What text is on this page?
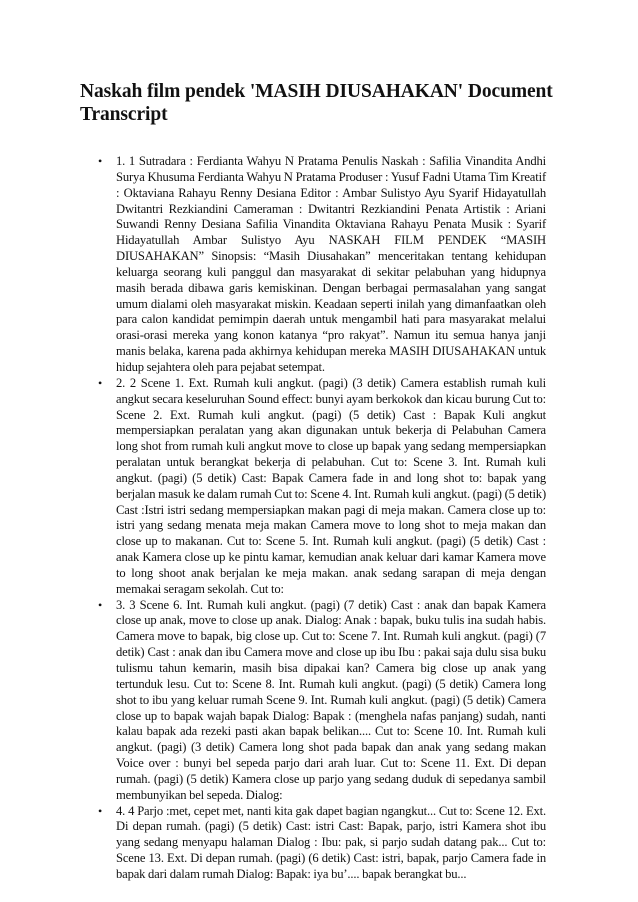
Naskah film pendek 'MASIH DIUSAHAKAN' Document Transcript
• 1. 1 Sutradara : Ferdianta Wahyu N Pratama Penulis Naskah : Safilia Vinandita Andhi Surya Khusuma Ferdianta Wahyu N Pratama Produser : Yusuf Fadni Utama Tim Kreatif : Oktaviana Rahayu Renny Desiana Editor : Ambar Sulistyo Ayu Syarif Hidayatullah Dwitantri Rezkiandini Cameraman : Dwitantri Rezkiandini Penata Artistik : Ariani Suwandi Renny Desiana Safilia Vinandita Oktaviana Rahayu Penata Musik : Syarif Hidayatullah Ambar Sulistyo Ayu NASKAH FILM PENDEK “MASIH DIUSAHAKAN” Sinopsis: “Masih Diusahakan” menceritakan tentang kehidupan keluarga seorang kuli panggul dan masyarakat di sekitar pelabuhan yang hidupnya masih berada dibawa garis kemiskinan. Dengan berbagai permasalahan yang sangat umum dialami oleh masyarakat miskin. Keadaan seperti inilah yang dimanfaatkan oleh para calon kandidat pemimpin daerah untuk mengambil hati para masyarakat melalui orasi-orasi mereka yang konon katanya “pro rakyat”. Namun itu semua hanya janji manis belaka, karena pada akhirnya kehidupan mereka MASIH DIUSAHAKAN untuk hidup sejahtera oleh para pejabat setempat.
• 2. 2 Scene 1. Ext. Rumah kuli angkut. (pagi) (3 detik) Camera establish rumah kuli angkut secara keseluruhan Sound effect: bunyi ayam berkokok dan kicau burung Cut to: Scene 2. Ext. Rumah kuli angkut. (pagi) (5 detik) Cast : Bapak Kuli angkut mempersiapkan peralatan yang akan digunakan untuk bekerja di Pelabuhan Camera long shot from rumah kuli angkut move to close up bapak yang sedang mempersiapkan peralatan untuk berangkat bekerja di pelabuhan. Cut to: Scene 3. Int. Rumah kuli angkut. (pagi) (5 detik) Cast: Bapak Camera fade in and long shot to: bapak yang berjalan masuk ke dalam rumah Cut to: Scene 4. Int. Rumah kuli angkut. (pagi) (5 detik) Cast :Istri istri sedang mempersiapkan makan pagi di meja makan. Camera close up to: istri yang sedang menata meja makan Camera move to long shot to meja makan dan close up to makanan. Cut to: Scene 5. Int. Rumah kuli angkut. (pagi) (5 detik) Cast : anak Kamera close up ke pintu kamar, kemudian anak keluar dari kamar Kamera move to long shoot anak berjalan ke meja makan. anak sedang sarapan di meja dengan memakai seragam sekolah. Cut to:
• 3. 3 Scene 6. Int. Rumah kuli angkut. (pagi) (7 detik) Cast : anak dan bapak Kamera close up anak, move to close up anak. Dialog: Anak : bapak, buku tulis ina sudah habis. Camera move to bapak, big close up. Cut to: Scene 7. Int. Rumah kuli angkut. (pagi) (7 detik) Cast : anak dan ibu Camera move and close up ibu Ibu : pakai saja dulu sisa buku tulismu tahun kemarin, masih bisa dipakai kan? Camera big close up anak yang tertunduk lesu. Cut to: Scene 8. Int. Rumah kuli angkut. (pagi) (5 detik) Camera long shot to ibu yang keluar rumah Scene 9. Int. Rumah kuli angkut. (pagi) (5 detik) Camera close up to bapak wajah bapak Dialog: Bapak : (menghela nafas panjang) sudah, nanti kalau bapak ada rezeki pasti akan bapak belikan.... Cut to: Scene 10. Int. Rumah kuli angkut. (pagi) (3 detik) Camera long shot pada bapak dan anak yang sedang makan Voice over : bunyi bel sepeda parjo dari arah luar. Cut to: Scene 11. Ext. Di depan rumah. (pagi) (5 detik) Kamera close up parjo yang sedang duduk di sepedanya sambil membunyikan bel sepeda. Dialog:
• 4. 4 Parjo :met, cepet met, nanti kita gak dapet bagian ngangkut... Cut to: Scene 12. Ext. Di depan rumah. (pagi) (5 detik) Cast: istri Cast: Bapak, parjo, istri Kamera shot ibu yang sedang menyapu halaman Dialog : Ibu: pak, si parjo sudah datang pak... Cut to: Scene 13. Ext. Di depan rumah. (pagi) (6 detik) Cast: istri, bapak, parjo Camera fade in bapak dari dalam rumah Dialog: Bapak: iya bu’.... bapak berangkat bu...
